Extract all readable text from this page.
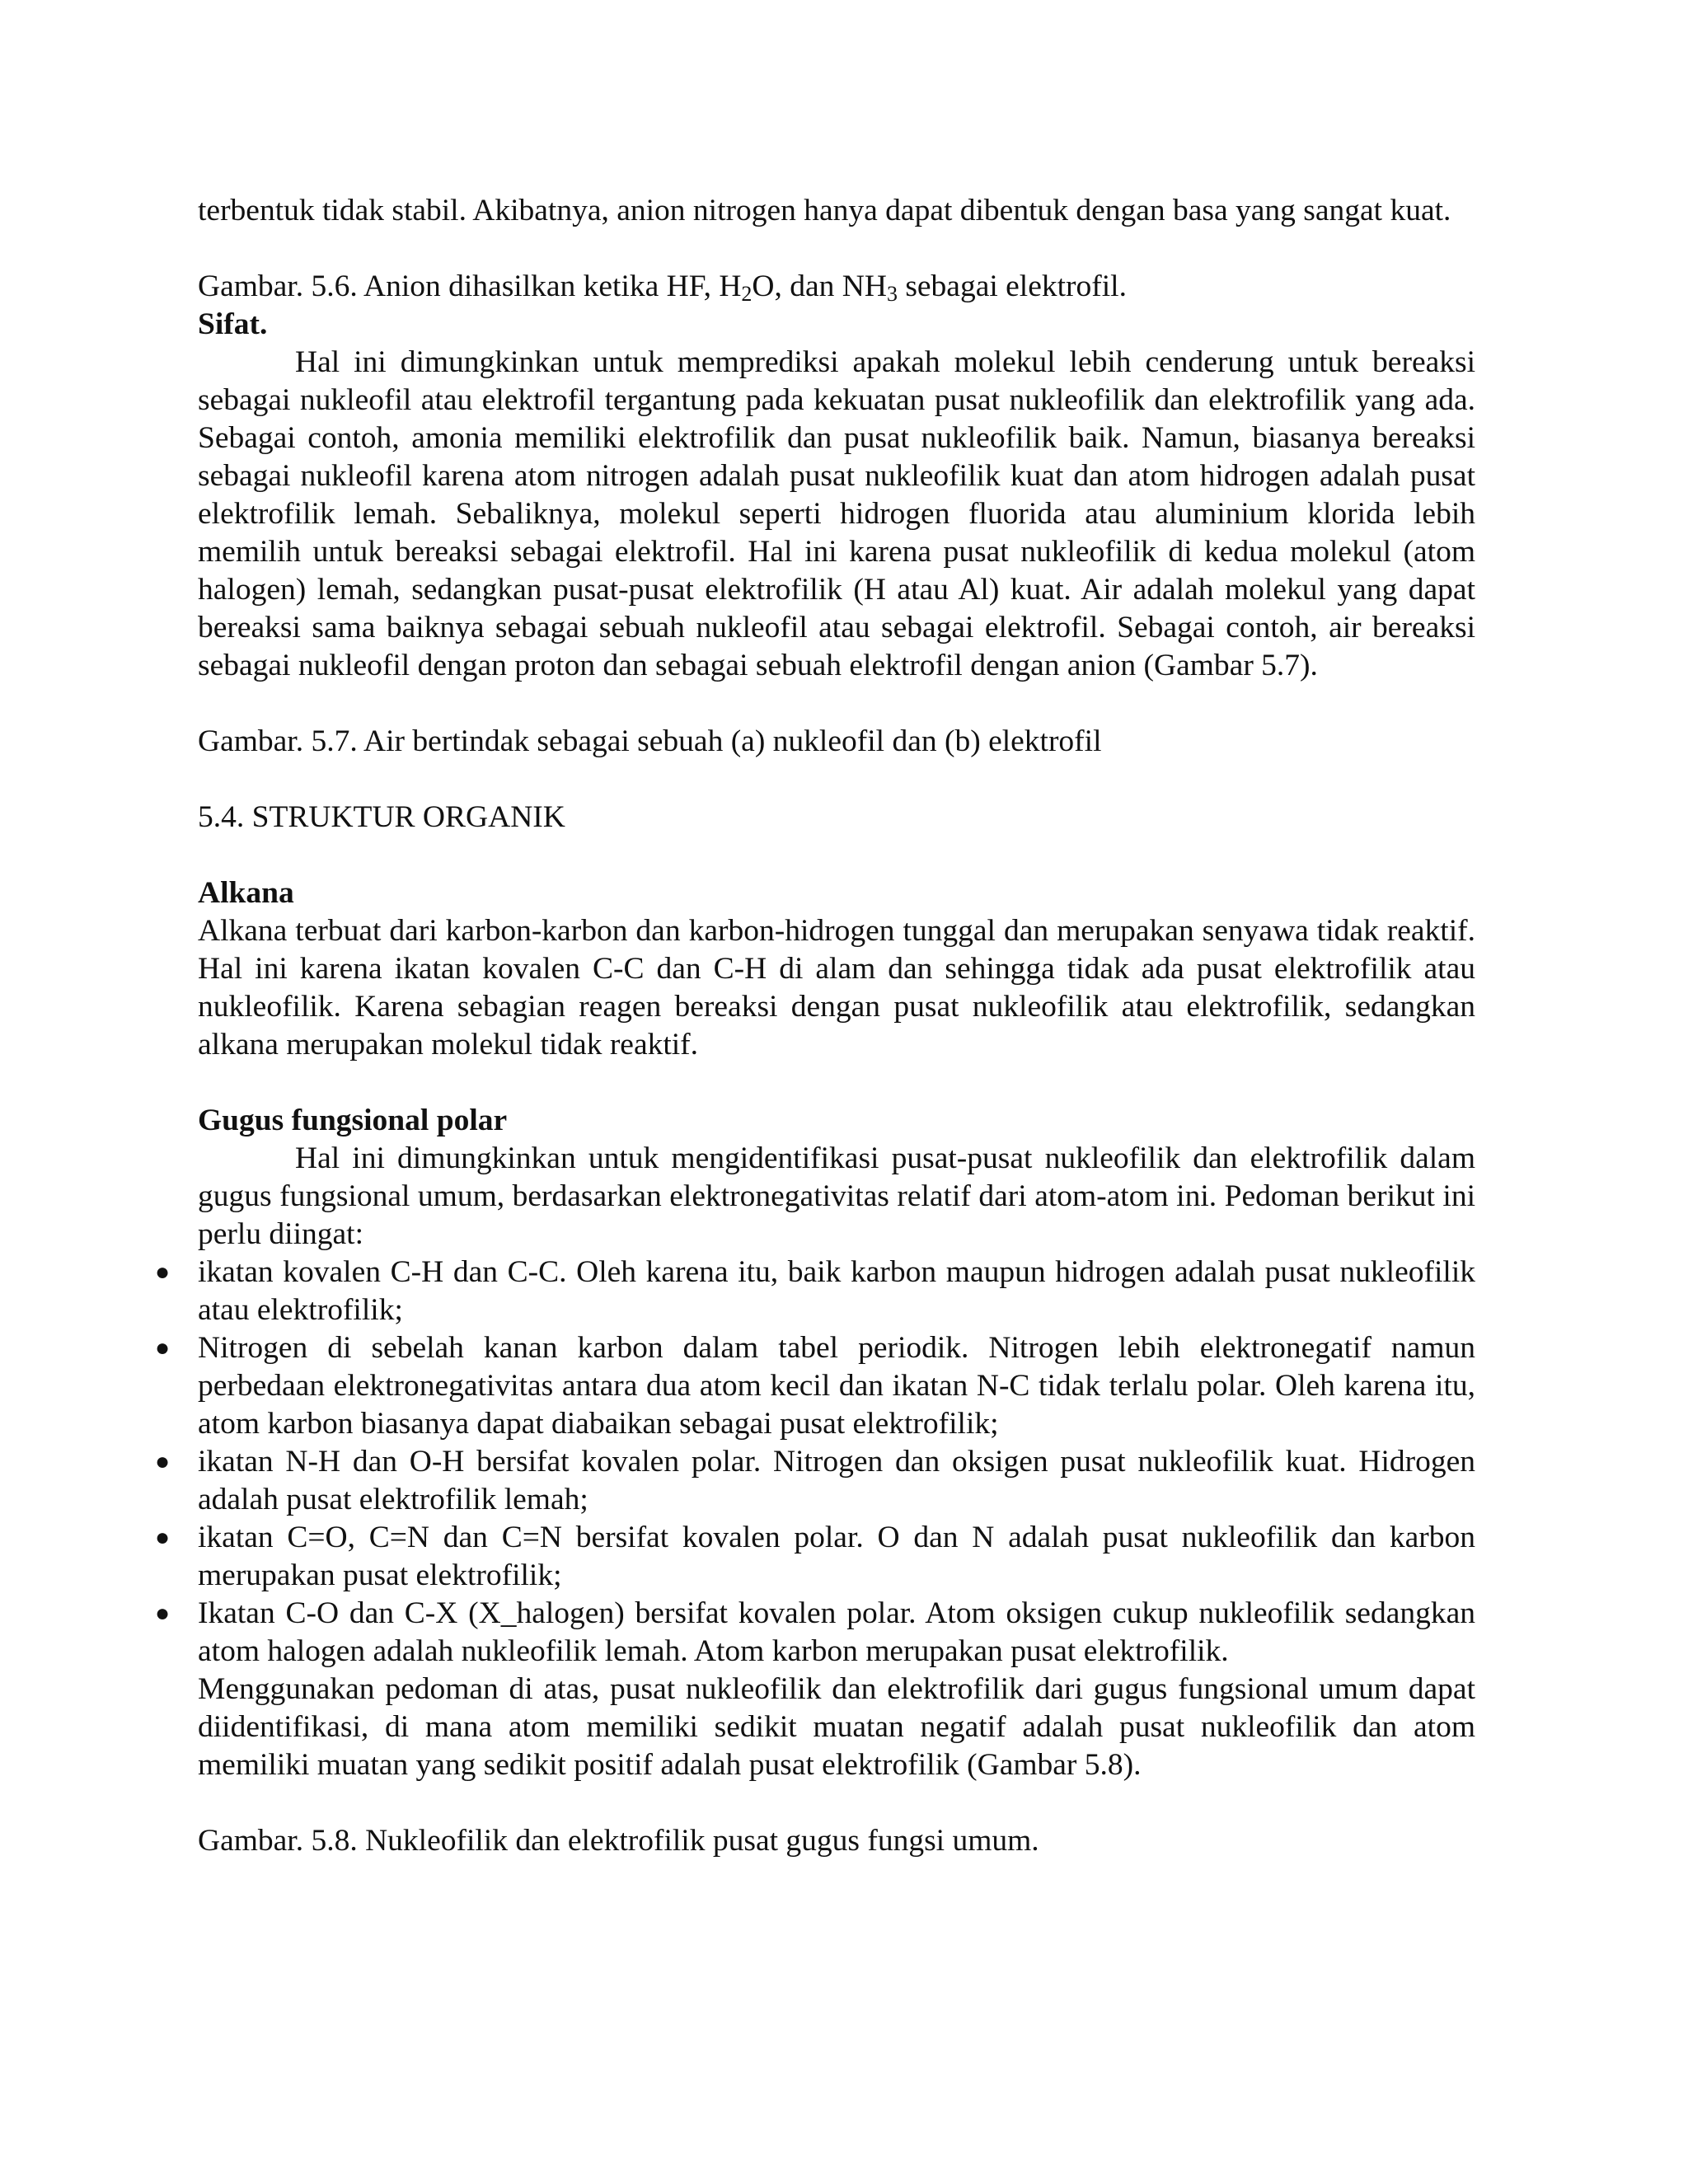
terbentuk tidak stabil. Akibatnya, anion nitrogen hanya dapat dibentuk dengan basa yang sangat kuat.

Gambar. 5.6. Anion dihasilkan ketika HF, $H_2O$, dan $NH_3$ sebagai elektrofil.

Sifat.

Hal ini dimungkinkan untuk memprediksi apakah molekul lebih cenderung untuk bereaksi sebagai nukleofil atau elektrofil tergantung pada kekuatan pusat nukleofilik dan elektrofilik yang ada. Sebagai contoh, amonia memiliki elektrofilik dan pusat nukleofilik baik. Namun, biasanya bereaksi sebagai nukleofil karena atom nitrogen adalah pusat nukleofilik kuat dan atom hidrogen adalah pusat elektrofilik lemah. Sebaliknya, molekul seperti hidrogen fluorida atau aluminium klorida lebih memilih untuk bereaksi sebagai elektrofil. Hal ini karena pusat nukleofilik di kedua molekul (atom halogen) lemah, sedangkan pusat-pusat elektrofilik (H atau Al) kuat. Air adalah molekul yang dapat bereaksi sama baiknya sebagai sebuah nukleofil atau sebagai elektrofil. Sebagai contoh, air bereaksi sebagai nukleofil dengan proton dan sebagai sebuah elektrofil dengan anion (Gambar 5.7).

Gambar. 5.7. Air bertindak sebagai sebuah (a) nukleofil dan (b) elektrofil

5.4. STRUKTUR ORGANIK

Alkana

Alkana terbuat dari karbon-karbon dan karbon-hidrogen tunggal dan merupakan senyawa tidak reaktif. Hal ini karena ikatan kovalen C-C dan C-H di alam dan sehingga tidak ada pusat elektrofilik atau nukleofilik. Karena sebagian reagen bereaksi dengan pusat nukleofilik atau elektrofilik, sedangkan alkana merupakan molekul tidak reaktif.

Gugus fungsional polar

Hal ini dimungkinkan untuk mengidentifikasi pusat-pusat nukleofilik dan elektrofilik dalam gugus fungsional umum, berdasarkan elektronegativitas relatif dari atom-atom ini. Pedoman berikut ini perlu diingat:

● ikatan kovalen C-H dan C-C. Oleh karena itu, baik karbon maupun hidrogen adalah pusat nukleofilik atau elektrofilik;
● Nitrogen di sebelah kanan karbon dalam tabel periodik. Nitrogen lebih elektronegatif namun perbedaan elektronegativitas antara dua atom kecil dan ikatan N-C tidak terlalu polar. Oleh karena itu, atom karbon biasanya dapat diabaikan sebagai pusat elektrofilik;
● ikatan N-H dan O-H bersifat kovalen polar. Nitrogen dan oksigen pusat nukleofilik kuat. Hidrogen adalah pusat elektrofilik lemah;
● ikatan C=O, C=N dan C=N bersifat kovalen polar. O dan N adalah pusat nukleofilik dan karbon merupakan pusat elektrofilik;
● Ikatan C-O dan C-X (X_halogen) bersifat kovalen polar. Atom oksigen cukup nukleofilik sedangkan atom halogen adalah nukleofilik lemah. Atom karbon merupakan pusat elektrofilik.

Menggunakan pedoman di atas, pusat nukleofilik dan elektrofilik dari gugus fungsional umum dapat diidentifikasi, di mana atom memiliki sedikit muatan negatif adalah pusat nukleofilik dan atom memiliki muatan yang sedikit positif adalah pusat elektrofilik (Gambar 5.8).

Gambar. 5.8. Nukleofilik dan elektrofilik pusat gugus fungsi umum.
